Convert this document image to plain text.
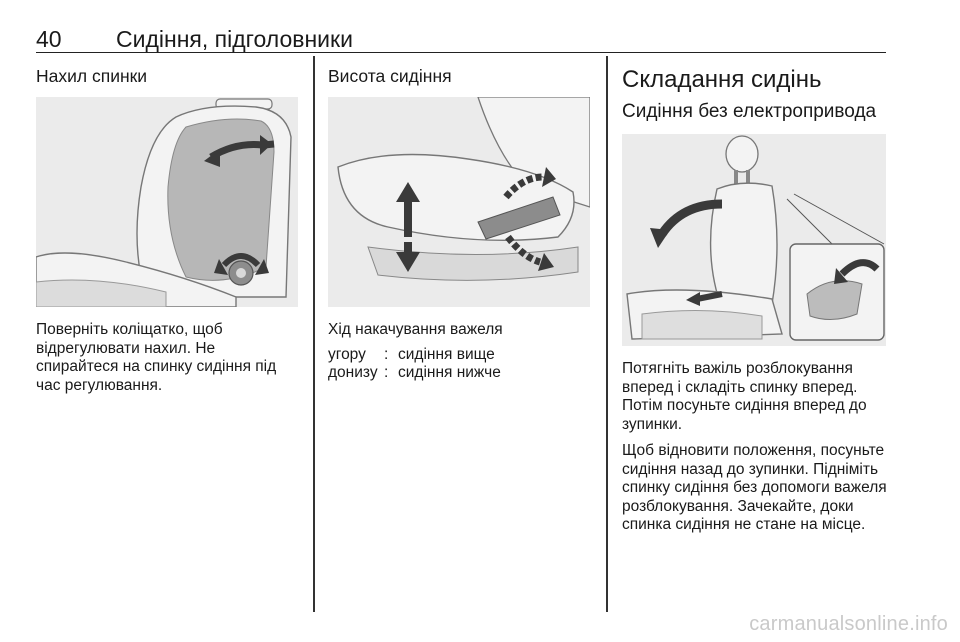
40 Сидіння, підголовники
Нахил спинки

Поверніть коліщатко, щоб відрегулювати нахил. Не спирайтеся на спинку сидіння під час регулювання.

Висота сидіння

Хід накачування важеля

угору	: сидіння вище
донизу : сидіння нижче
Складання сидінь
Сидіння без електропривода

Потягніть важіль розблокування вперед і складіть спинку вперед. Потім посуньте сидіння вперед до зупинки.

Щоб відновити положення, посуньте сидіння назад до зупинки. Підніміть спинку сидіння без допомоги важеля розблокування. Зачекайте, доки спинка сидіння не стане на місце.

carmanualsonline.info
